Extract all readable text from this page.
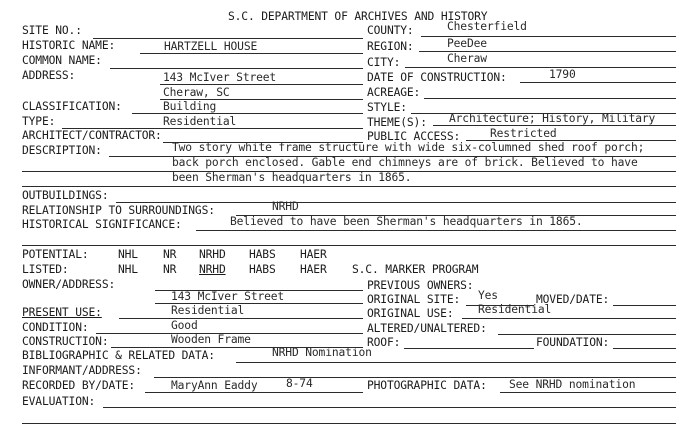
S.C. DEPARTMENT OF ARCHIVES AND HISTORY
SITE NO.:	COUNTY:	Chesterfield
HISTORIC NAME:	HARTZELL HOUSE	REGION:	PeeDee
COMMON NAME:	CITY:	Cheraw
ADDRESS:	143 McIver Street	DATE OF CONSTRUCTION:	1790
Cheraw, SC	ACREAGE:
CLASSIFICATION:	Building	STYLE:
TYPE:	Residential	THEME(S): Architecture; History, Military
ARCHITECT/CONTRACTOR:	PUBLIC ACCESS:	Restricted
DESCRIPTION:	Two story white frame structure with wide six-columned shed roof porch;
back porch enclosed. Gable end chimneys are of brick. Believed to have
been Sherman's headquarters in 1865.
OUTBUILDINGS:
RELATIONSHIP TO SURROUNDINGS:	NRHD
HISTORICAL SIGNIFICANCE:	Believed to have been Sherman's headquarters in 1865.
POTENTIAL:	NHL NR NRHD HABS HAER
LISTED:	NHL NR NRHD HABS HAER S.C. MARKER PROGRAM
OWNER/ADDRESS:	PREVIOUS OWNERS:
143 McIver Street	ORIGINAL SITE: Yes	MOVED/DATE:
PRESENT USE:	Residential	ORIGINAL USE: Residential
CONDITION:	Good	ALTERED/UNALTERED:
CONSTRUCTION:	Wooden Frame	ROOF:	FOUNDATION:
BIBLIOGRAPHIC & RELATED DATA:	NRHD Nomination
INFORMANT/ADDRESS:
RECORDED BY/DATE:	MaryAnn Eaddy	8-74	PHOTOGRAPHIC DATA: See NRHD nomination
EVALUATION:
